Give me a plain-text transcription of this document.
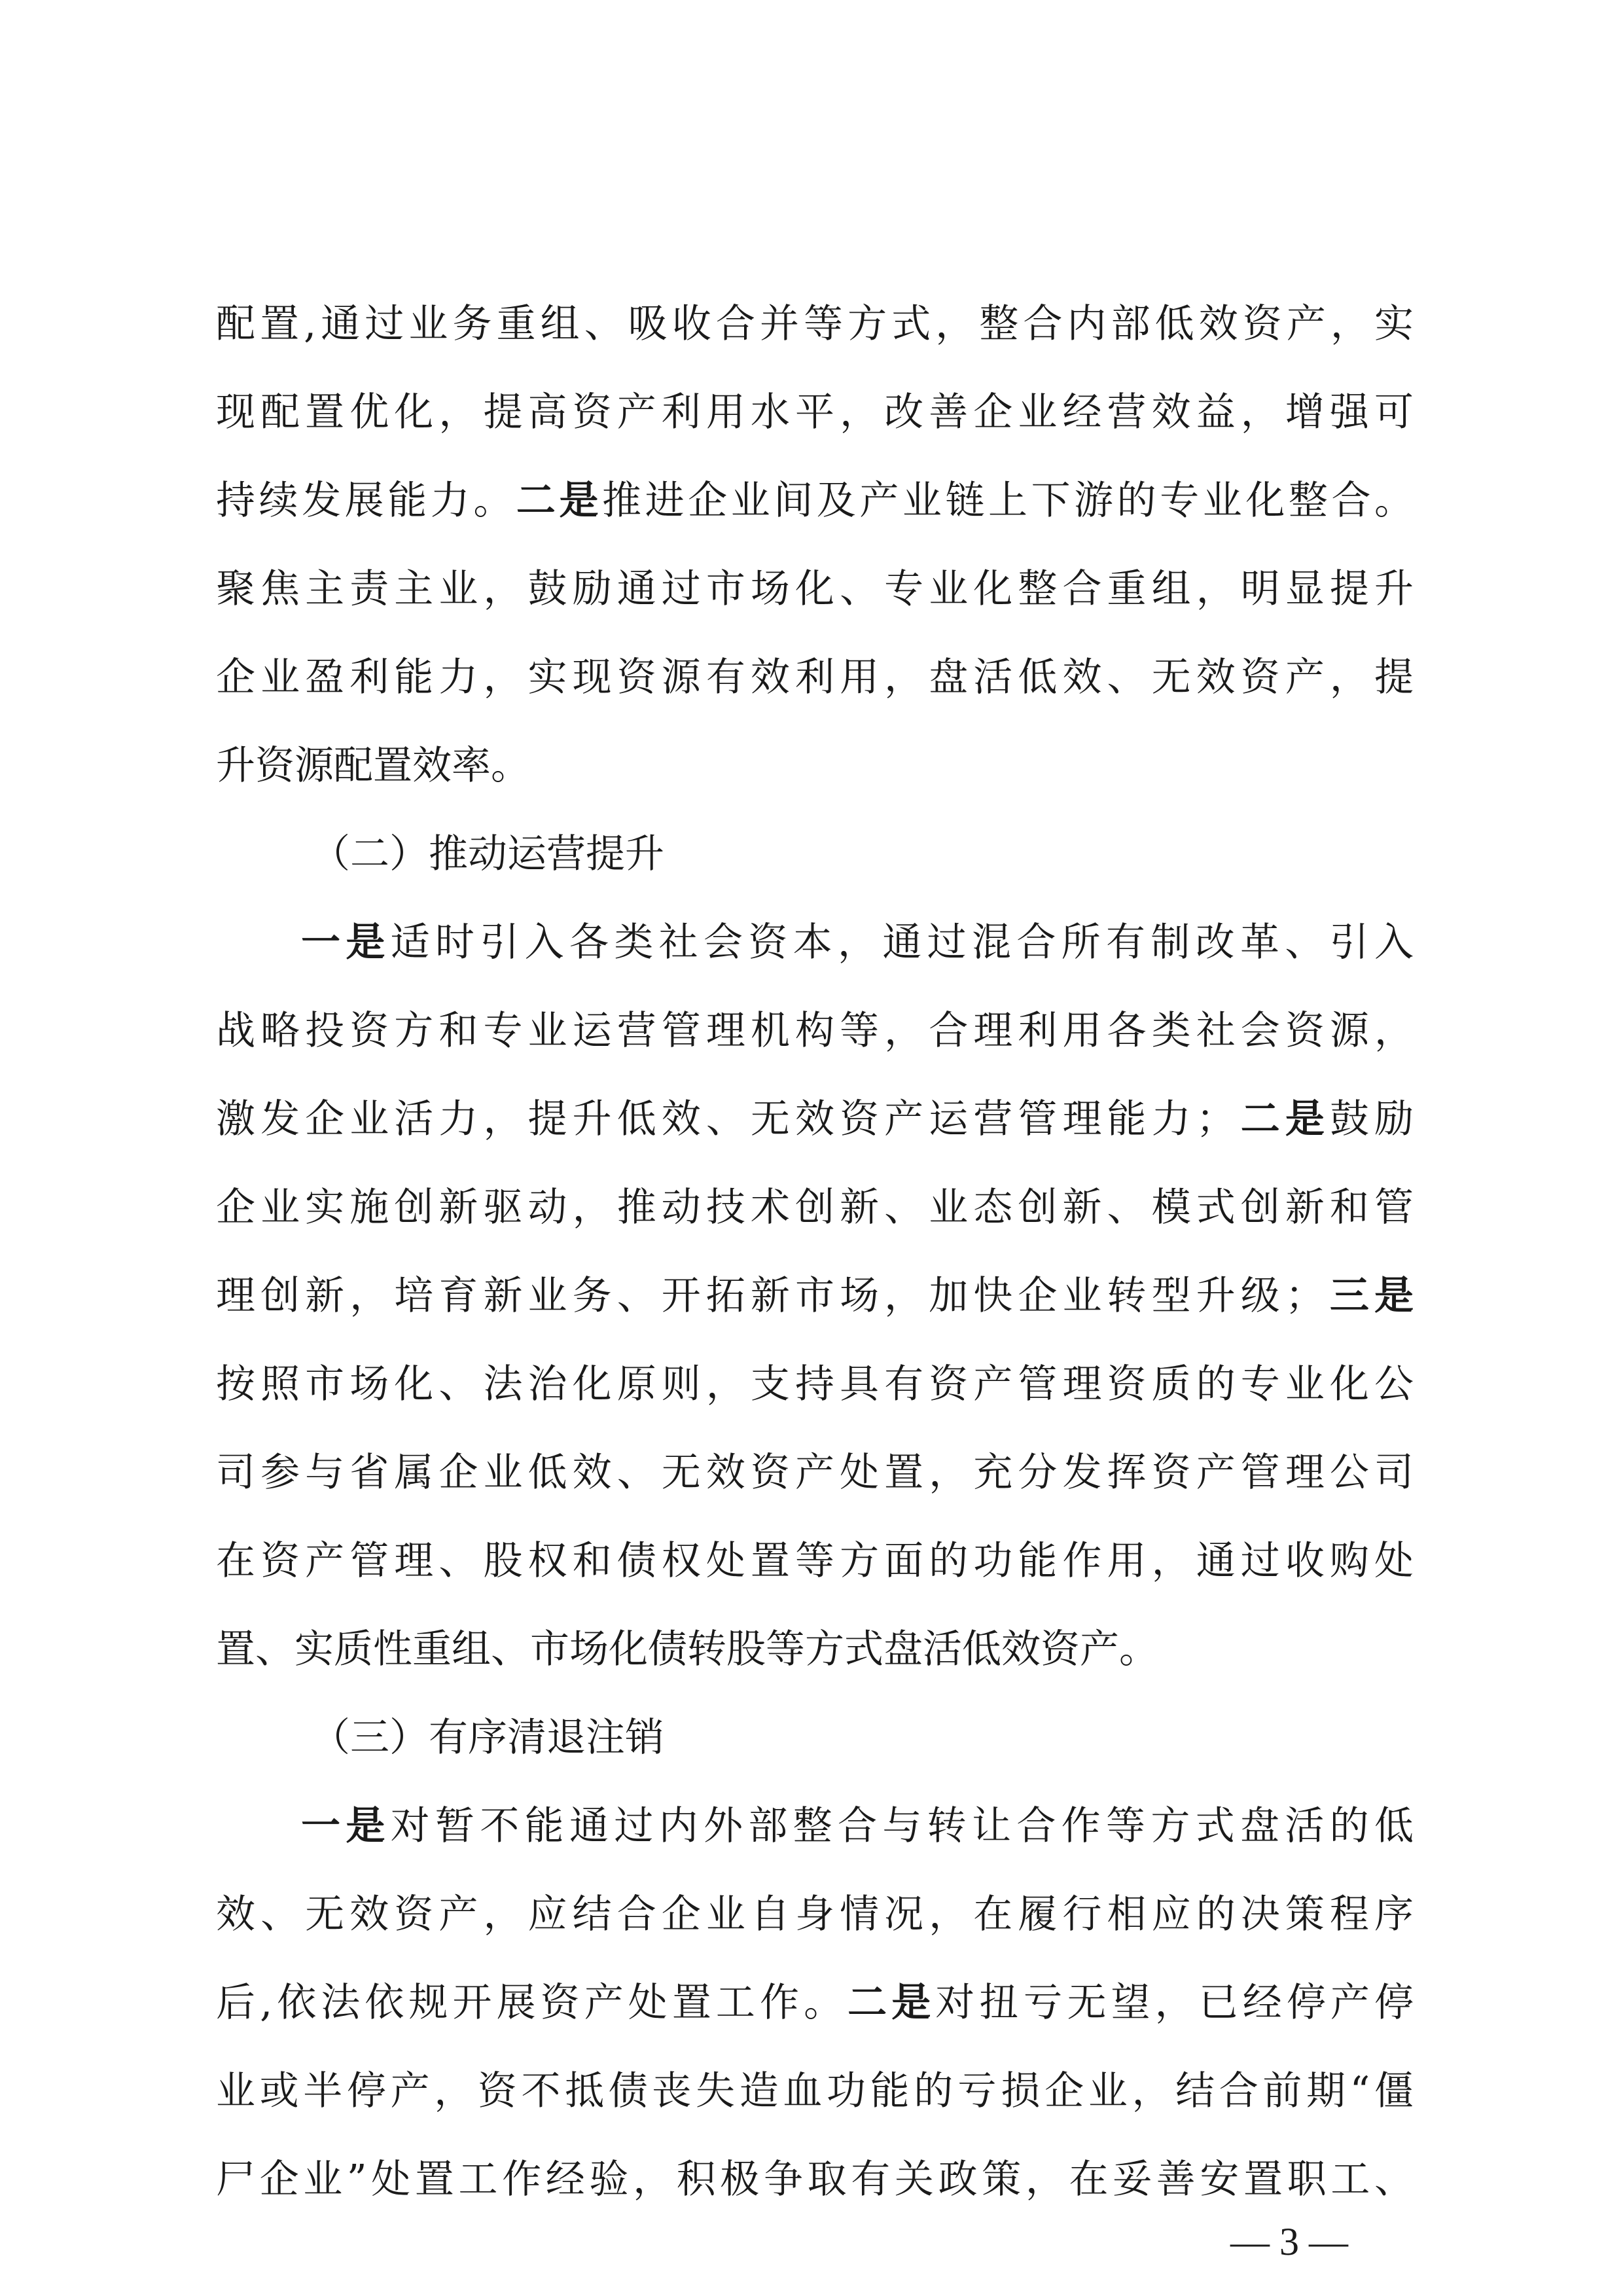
配置,通过业务重组、吸收合并等方式，整合内部低效资产，实
现配置优化，提高资产利用水平，改善企业经营效益，增强可
持续发展能力。二是推进企业间及产业链上下游的专业化整合。
聚焦主责主业，鼓励通过市场化、专业化整合重组，明显提升
企业盈利能力，实现资源有效利用，盘活低效、无效资产，提
升资源配置效率。
（二）推动运营提升
一是适时引入各类社会资本，通过混合所有制改革、引入
战略投资方和专业运营管理机构等，合理利用各类社会资源，
激发企业活力，提升低效、无效资产运营管理能力；二是鼓励
企业实施创新驱动，推动技术创新、业态创新、模式创新和管
理创新，培育新业务、开拓新市场，加快企业转型升级；三是
按照市场化、法治化原则，支持具有资产管理资质的专业化公
司参与省属企业低效、无效资产处置，充分发挥资产管理公司
在资产管理、股权和债权处置等方面的功能作用，通过收购处
置、实质性重组、市场化债转股等方式盘活低效资产。
（三）有序清退注销
一是对暂不能通过内外部整合与转让合作等方式盘活的低
效、无效资产，应结合企业自身情况，在履行相应的决策程序
后,依法依规开展资产处置工作。二是对扭亏无望，已经停产停
业或半停产，资不抵债丧失造血功能的亏损企业，结合前期“僵
尸企业”处置工作经验，积极争取有关政策，在妥善安置职工、
— 3 —
